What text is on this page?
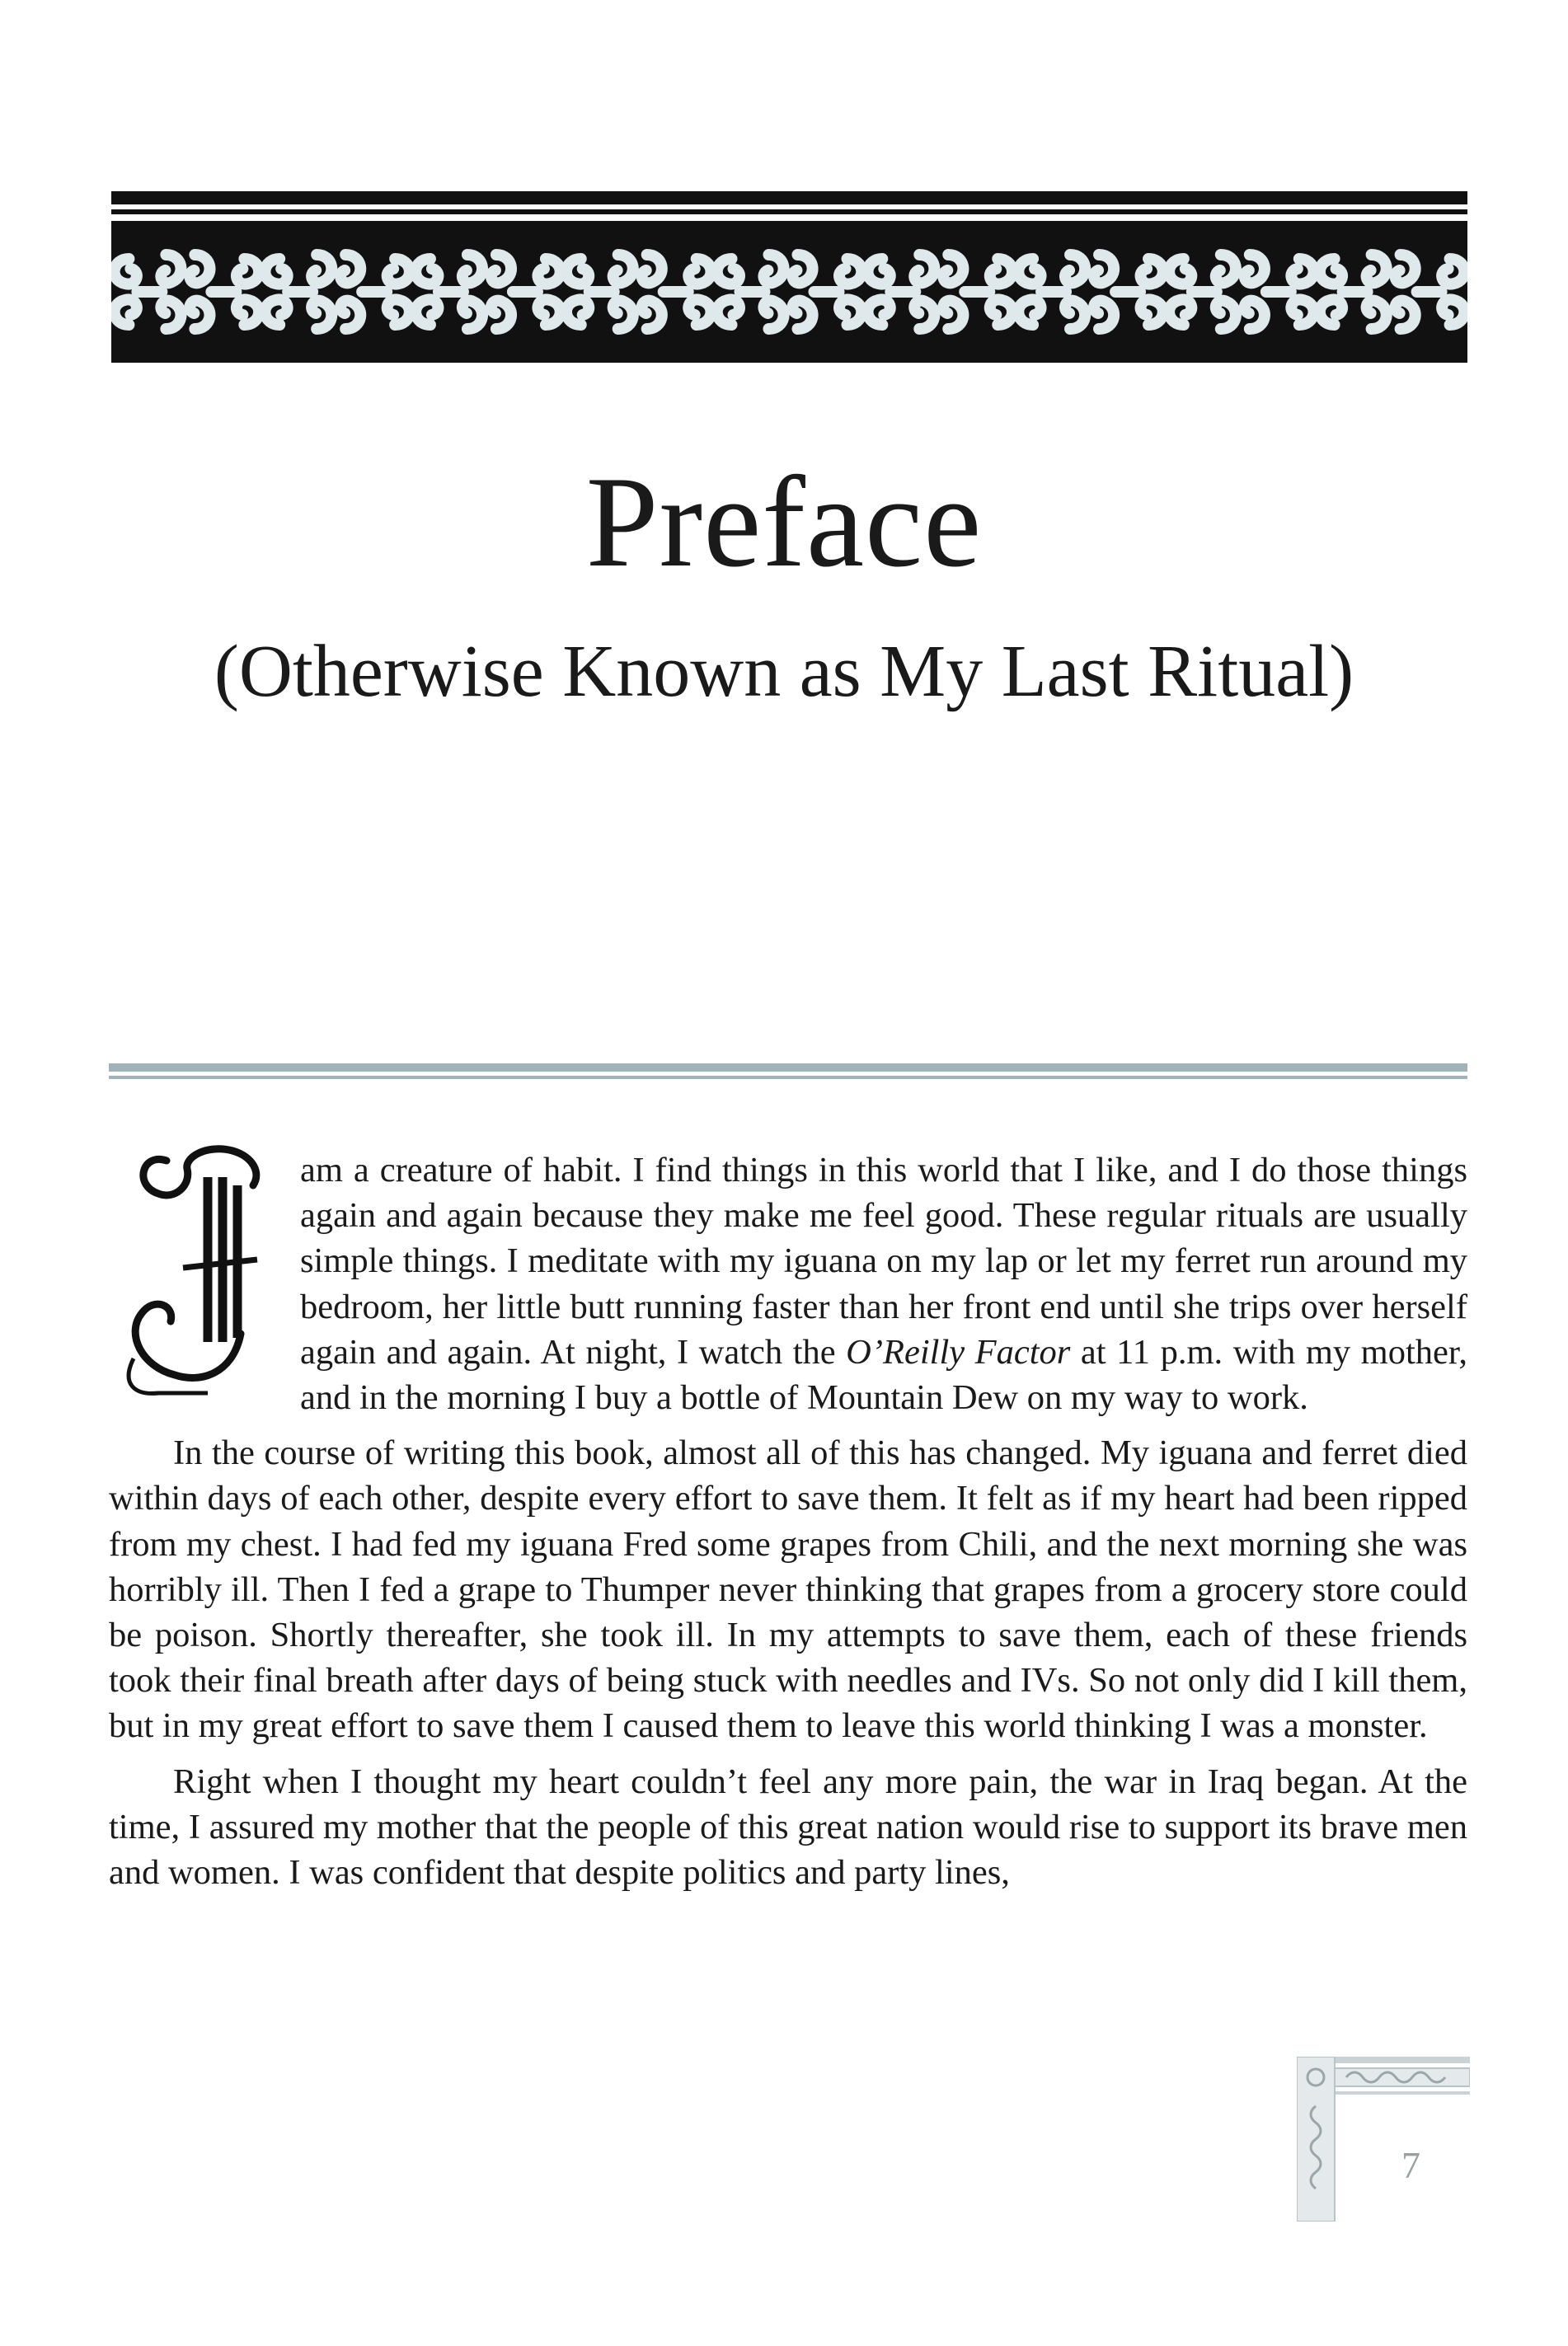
Preface
(Otherwise Known as My Last Ritual)
I

am a creature of habit. I find things in this world that I like, and I do those things again and again because they make me feel good. These regular rituals are usually simple things. I meditate with my iguana on my lap or let my ferret run around my bedroom, her little butt running faster than her front end until she trips over herself again and again. At night, I watch the O’Reilly Factor at 11 p.m. with my mother, and in the morning I buy a bottle of Mountain Dew on my way to work.

In the course of writing this book, almost all of this has changed. My iguana and ferret died within days of each other, despite every effort to save them. It felt as if my heart had been ripped from my chest. I had fed my iguana Fred some grapes from Chili, and the next morning she was horribly ill. Then I fed a grape to Thumper never thinking that grapes from a grocery store could be poison. Shortly thereafter, she took ill. In my attempts to save them, each of these friends took their final breath after days of being stuck with needles and IVs. So not only did I kill them, but in my great effort to save them I caused them to leave this world thinking I was a monster.

Right when I thought my heart couldn’t feel any more pain, the war in Iraq began. At the time, I assured my mother that the people of this great nation would rise to support its brave men and women. I was confident that despite politics and party lines,

7
